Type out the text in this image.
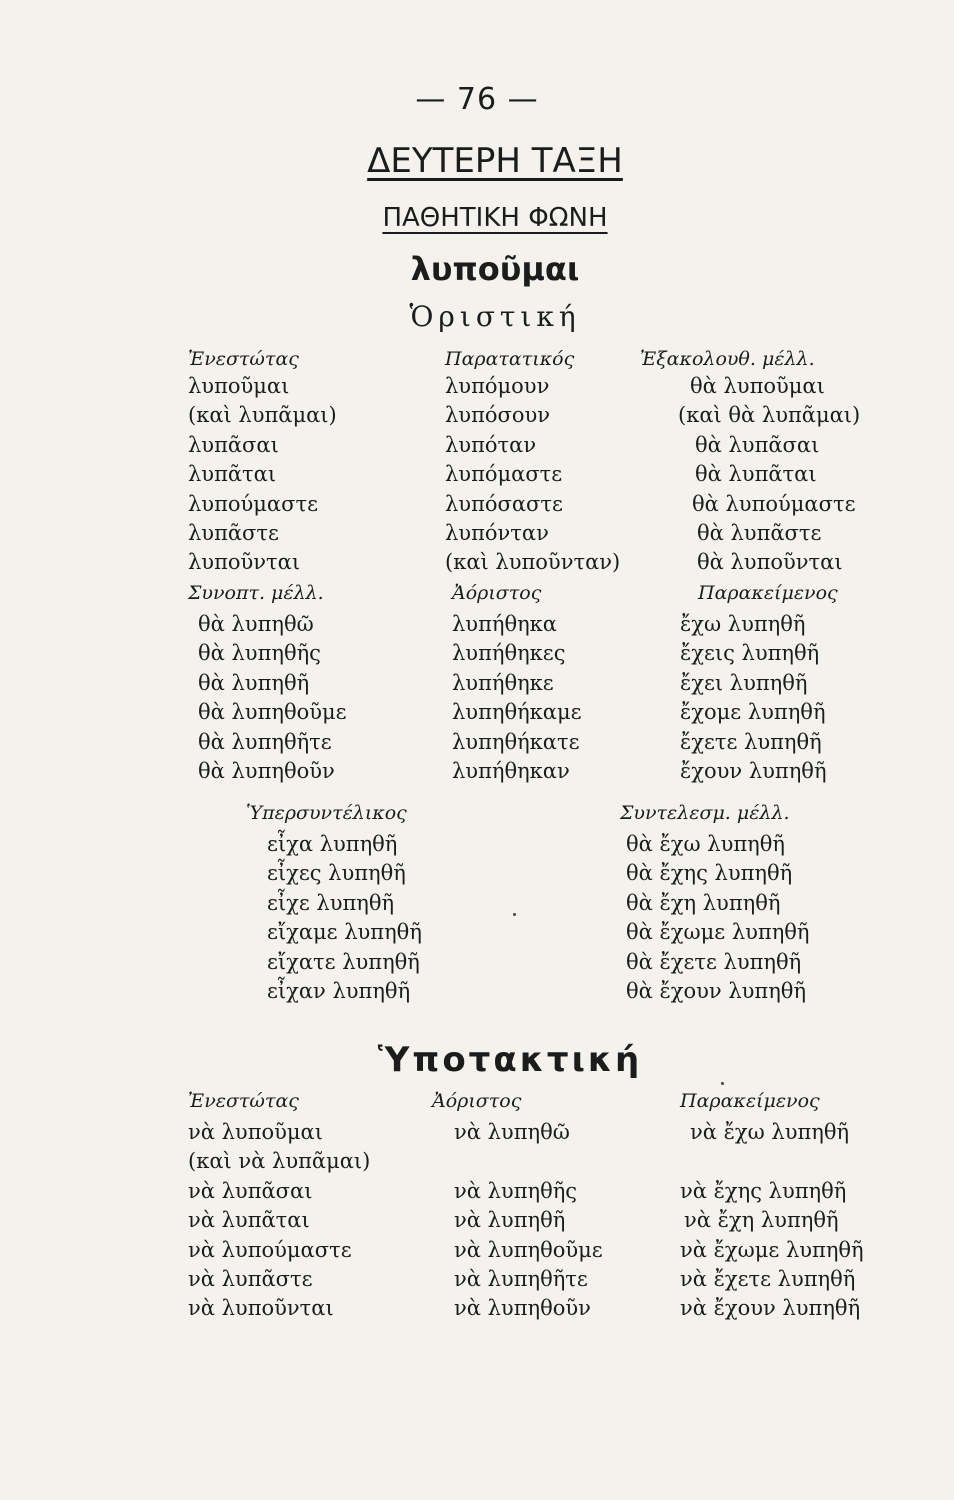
— 76 —
ΔΕΥΤΕΡΗ ΤΑΞΗ
ΠΑΘΗΤΙΚΗ ΦΩΝΗ
λυποῦμαι
Ὁριστική
Ἐνεστώτας
λυποῦμαι
(καὶ λυπᾶμαι)
λυπᾶσαι
λυπᾶται
λυπούμαστε
λυπᾶστε
λυποῦνται
Παρατατικός
λυπόμουν
λυπόσουν
λυπόταν
λυπόμαστε
λυπόσαστε
λυπόνταν
(καὶ λυποῦνταν)
Ἐξακολουθ. μέλλ.
θὰ λυποῦμαι
(καὶ θὰ λυπᾶμαι)
θὰ λυπᾶσαι
θὰ λυπᾶται
θὰ λυπούμαστε
θὰ λυπᾶστε
θὰ λυποῦνται
Συνοπτ. μέλλ.
θὰ λυπηθῶ
θὰ λυπηθῆς
θὰ λυπηθῆ
θὰ λυπηθοῦμε
θὰ λυπηθῆτε
θὰ λυπηθοῦν
Ἀόριστος
λυπήθηκα
λυπήθηκες
λυπήθηκε
λυπηθήκαμε
λυπηθήκατε
λυπήθηκαν
Παρακείμενος
ἔχω λυπηθῆ
ἔχεις λυπηθῆ
ἔχει λυπηθῆ
ἔχομε λυπηθῆ
ἔχετε λυπηθῆ
ἔχουν λυπηθῆ
Ὑπερσυντέλικος
εἶχα λυπηθῆ
εἶχες λυπηθῆ
εἶχε λυπηθῆ
εἴχαμε λυπηθῆ
εἴχατε λυπηθῆ
εἶχαν λυπηθῆ
Συντελεσμ. μέλλ.
θὰ ἔχω λυπηθῆ
θὰ ἔχης λυπηθῆ
θὰ ἔχη λυπηθῆ
θὰ ἔχωμε λυπηθῆ
θὰ ἔχετε λυπηθῆ
θὰ ἔχουν λυπηθῆ
Ὑποτακτική
Ἐνεστώτας
νὰ λυποῦμαι
(καὶ νὰ λυπᾶμαι)
νὰ λυπᾶσαι
νὰ λυπᾶται
νὰ λυπούμαστε
νὰ λυπᾶστε
νὰ λυποῦνται
Ἀόριστος
νὰ λυπηθῶ
νὰ λυπηθῆς
νὰ λυπηθῆ
νὰ λυπηθοῦμε
νὰ λυπηθῆτε
νὰ λυπηθοῦν
Παρακείμενος
νὰ ἔχω λυπηθῆ
νὰ ἔχης λυπηθῆ
νὰ ἔχη λυπηθῆ
νὰ ἔχωμε λυπηθῆ
νὰ ἔχετε λυπηθῆ
νὰ ἔχουν λυπηθῆ
